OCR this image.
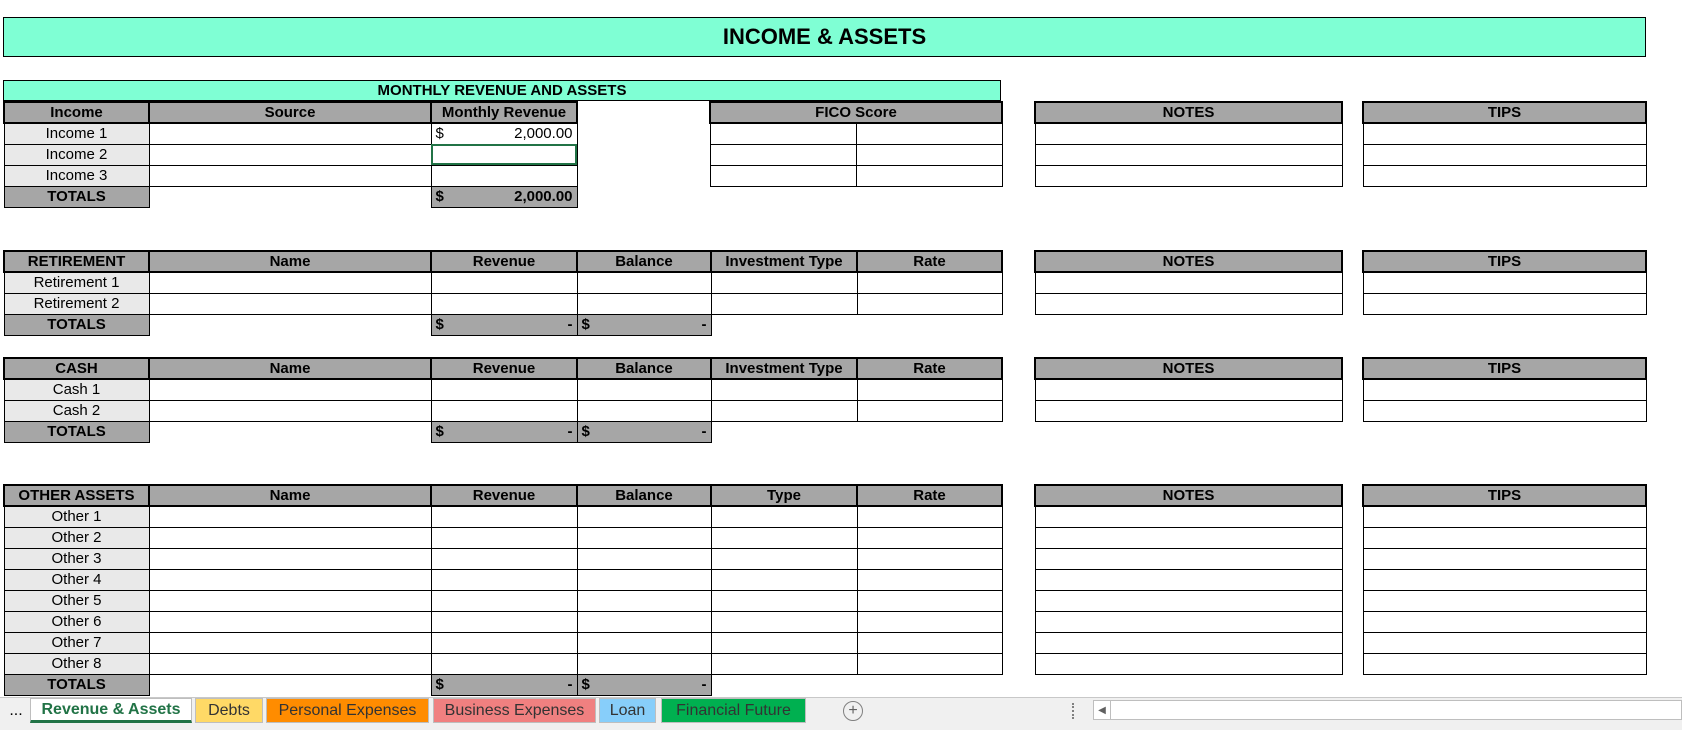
INCOME & ASSETS
MONTHLY REVENUE AND ASSETS
Income	Source	Monthly Revenue
Income 1		$ 2,000.00

Income 2		
Income 3		
TOTALS		$ 2,000.00
FICO Score	

		NOTES	TIPS

RETIREMENT	Name	Revenue	Balance	Investment Type	Rate
Retirement 1					
Retirement 2					
TOTALS		$ -	$ -		

NOTES	TIPS

CASH	Name	Revenue	Balance	Investment Type	Rate
Cash 1					
Cash 2					
TOTALS		$ -	$ -		

NOTES	TIPS

OTHER ASSETS	Name	Revenue	Balance	Type	Rate
Other 1					
Other 2					
Other 3					
Other 4					
Other 5					
Other 6					
Other 7					
Other 8					
TOTALS		$ -	$ -		

NOTES	TIPS

...	Revenue & Assets Debts Personal Expenses Business Expenses Loan Financial Future	+	◀
